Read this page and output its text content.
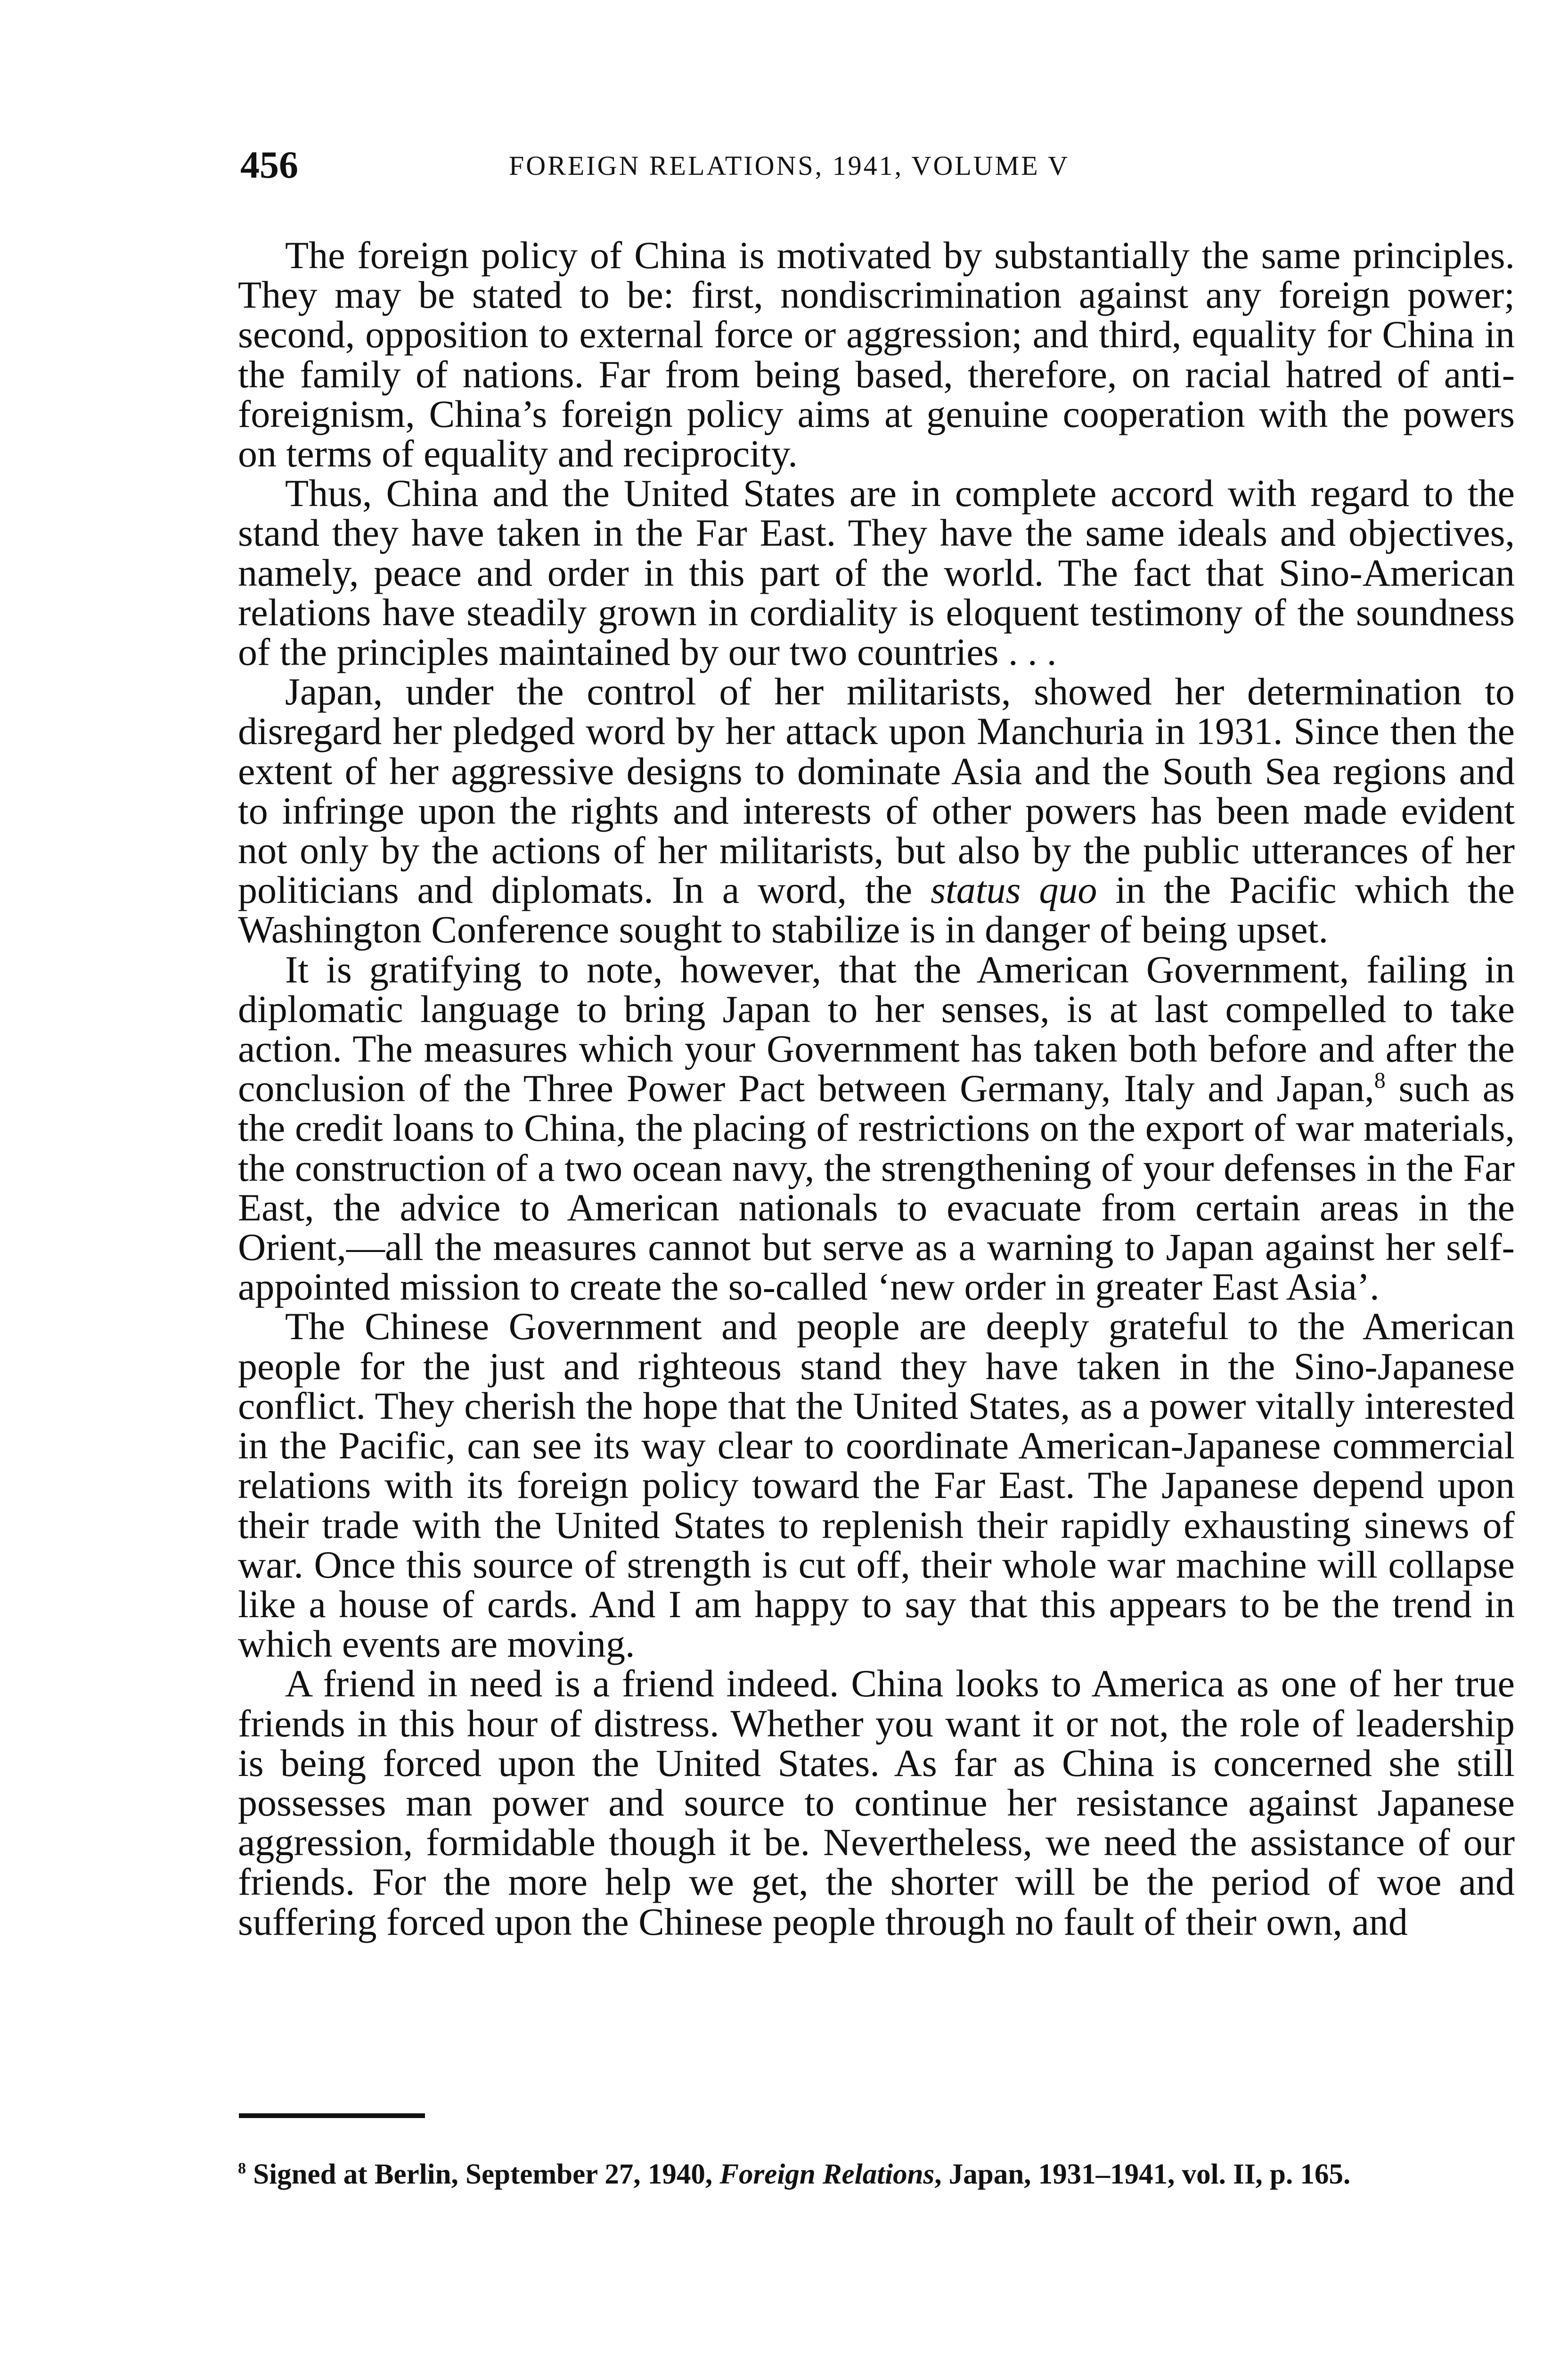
456	FOREIGN RELATIONS, 1941, VOLUME V

The foreign policy of China is motivated by substantially the same principles. They may be stated to be: first, nondiscrimination against any foreign power; second, opposition to external force or aggression; and third, equality for China in the family of nations. Far from being based, therefore, on racial hatred of anti-foreignism, China’s foreign policy aims at genuine cooperation with the powers on terms of equality and reciprocity.

Thus, China and the United States are in complete accord with regard to the stand they have taken in the Far East. They have the same ideals and objectives, namely, peace and order in this part of the world. The fact that Sino-American relations have steadily grown in cordiality is eloquent testimony of the soundness of the principles maintained by our two countries . . .

Japan, under the control of her militarists, showed her determination to disregard her pledged word by her attack upon Manchuria in 1931. Since then the extent of her aggressive designs to dominate Asia and the South Sea regions and to infringe upon the rights and interests of other powers has been made evident not only by the actions of her militarists, but also by the public utterances of her politicians and diplomats. In a word, the status quo in the Pacific which the Washington Conference sought to stabilize is in danger of being upset.

It is gratifying to note, however, that the American Government, failing in diplomatic language to bring Japan to her senses, is at last compelled to take action. The measures which your Government has taken both before and after the conclusion of the Three Power Pact between Germany, Italy and Japan,$^8$ such as the credit loans to China, the placing of restrictions on the export of war materials, the construction of a two ocean navy, the strengthening of your defenses in the Far East, the advice to American nationals to evacuate from certain areas in the Orient,—all the measures cannot but serve as a warning to Japan against her self-appointed mission to create the so-called ‘new order in greater East Asia’.

The Chinese Government and people are deeply grateful to the American people for the just and righteous stand they have taken in the Sino-Japanese conflict. They cherish the hope that the United States, as a power vitally interested in the Pacific, can see its way clear to coordinate American-Japanese commercial relations with its foreign policy toward the Far East. The Japanese depend upon their trade with the United States to replenish their rapidly exhausting sinews of war. Once this source of strength is cut off, their whole war machine will collapse like a house of cards. And I am happy to say that this appears to be the trend in which events are moving.

A friend in need is a friend indeed. China looks to America as one of her true friends in this hour of distress. Whether you want it or not, the role of leadership is being forced upon the United States. As far as China is concerned she still possesses man power and source to continue her resistance against Japanese aggression, formidable though it be. Nevertheless, we need the assistance of our friends. For the more help we get, the shorter will be the period of woe and suffering forced upon the Chinese people through no fault of their own, and

$^8$ Signed at Berlin, September 27, 1940, Foreign Relations, Japan, 1931–1941, vol. II, p. 165.
